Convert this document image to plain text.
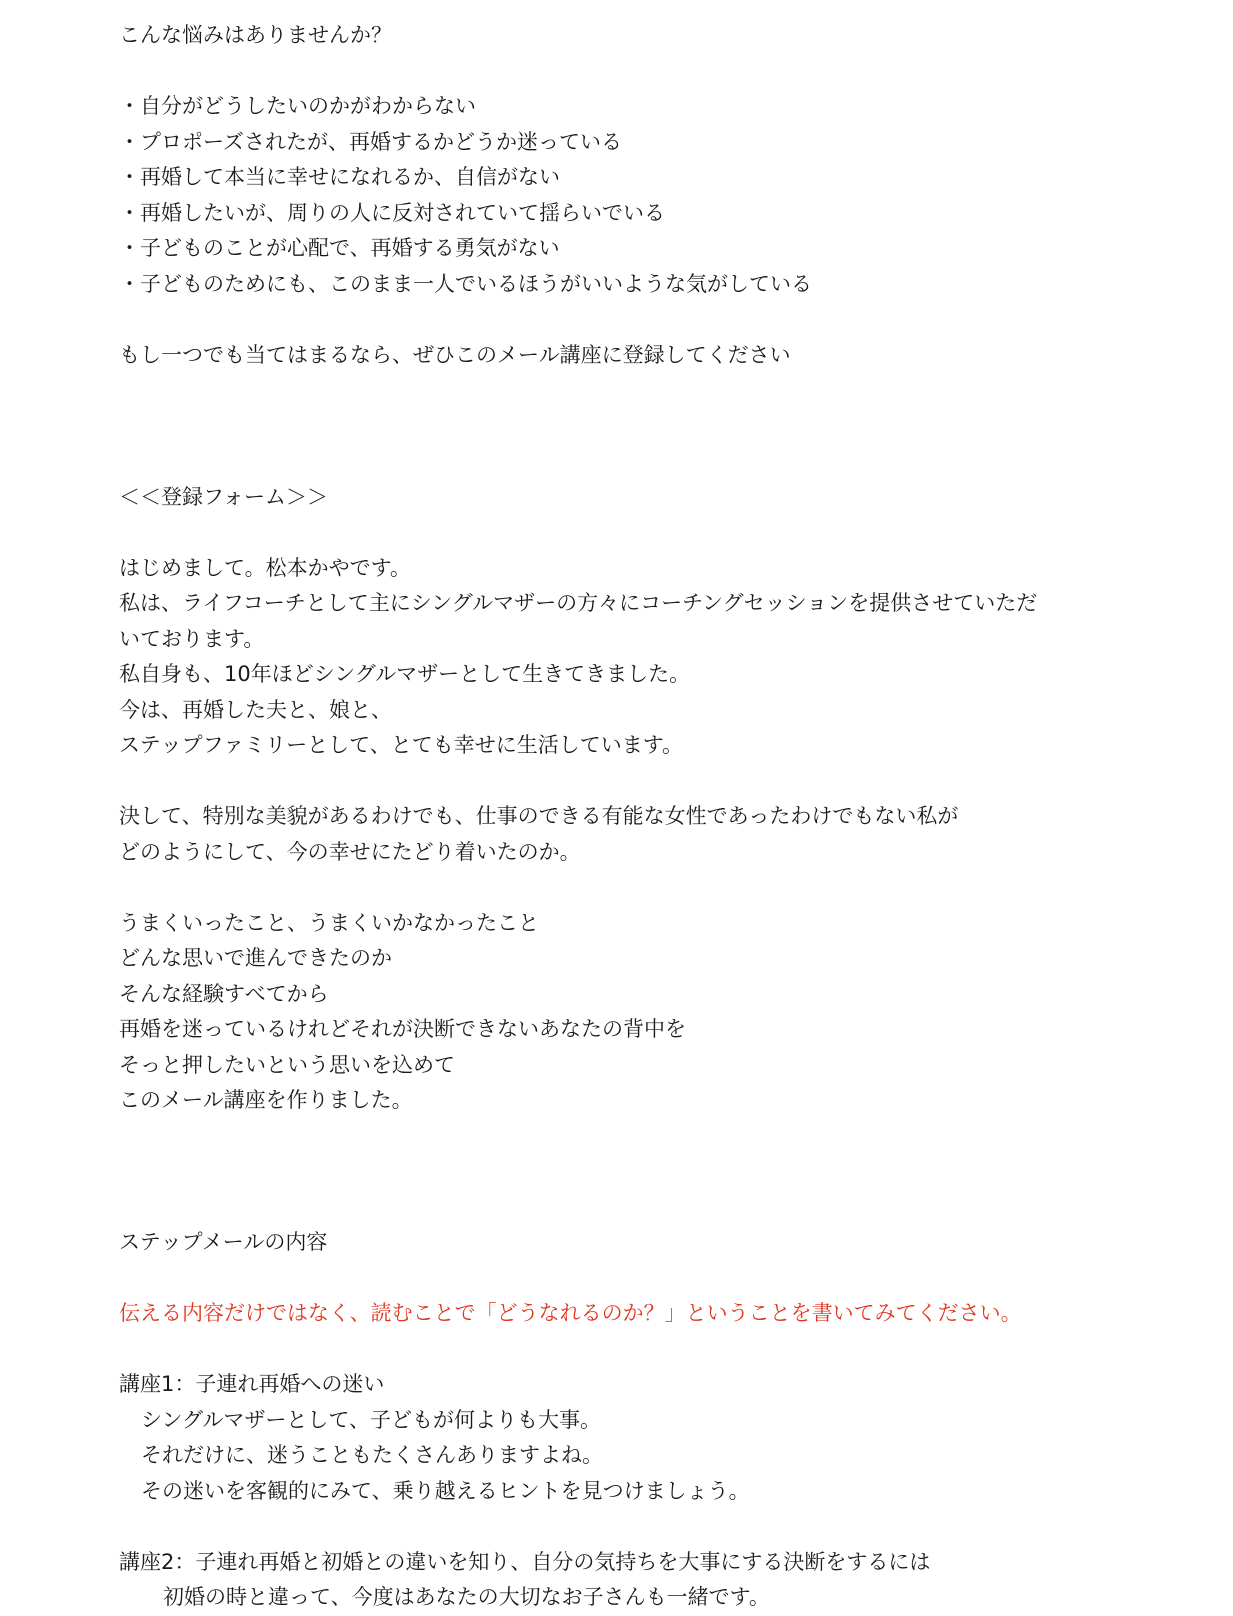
こんな悩みはありませんか？
・自分がどうしたいのかがわからない
・プロポーズされたが、再婚するかどうか迷っている
・再婚して本当に幸せになれるか、自信がない
・再婚したいが、周りの人に反対されていて揺らいでいる
・子どものことが心配で、再婚する勇気がない
・子どものためにも、このまま一人でいるほうがいいような気がしている
もし一つでも当てはまるなら、ぜひこのメール講座に登録してください
＜＜登録フォーム＞＞
はじめまして。松本かやです。
私は、ライフコーチとして主にシングルマザーの方々にコーチングセッションを提供させていただ
いております。
私自身も、10年ほどシングルマザーとして生きてきました。
今は、再婚した夫と、娘と、
ステップファミリーとして、とても幸せに生活しています。
決して、特別な美貌があるわけでも、仕事のできる有能な女性であったわけでもない私が
どのようにして、今の幸せにたどり着いたのか。
うまくいったこと、うまくいかなかったこと
どんな思いで進んできたのか
そんな経験すべてから
再婚を迷っているけれどそれが決断できないあなたの背中を
そっと押したいという思いを込めて
このメール講座を作りました。
ステップメールの内容
伝える内容だけではなく、読むことで「どうなれるのか？」ということを書いてみてください。
講座1：子連れ再婚への迷い
シングルマザーとして、子どもが何よりも大事。
それだけに、迷うこともたくさんありますよね。
その迷いを客観的にみて、乗り越えるヒントを見つけましょう。
講座2：子連れ再婚と初婚との違いを知り、自分の気持ちを大事にする決断をするには
初婚の時と違って、今度はあなたの大切なお子さんも一緒です。
